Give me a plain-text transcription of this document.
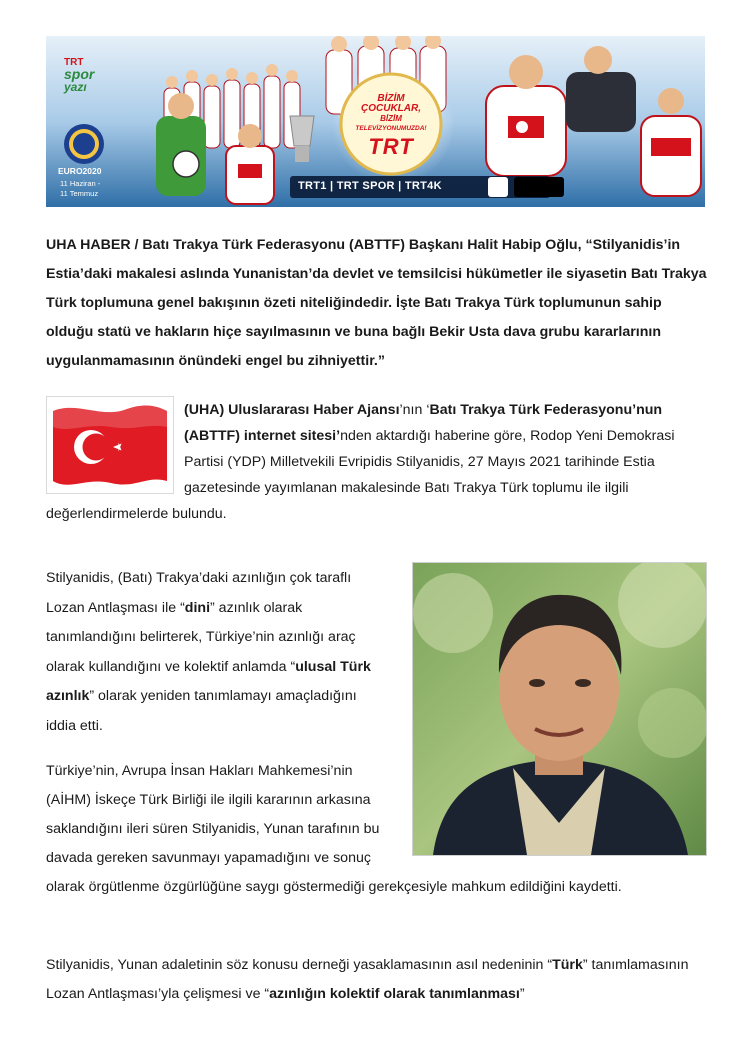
TRT
spor
yazı
EURO2020
11 Haziran -
11 Temmuz
BİZİM
ÇOCUKLAR,
BİZİM
TELEVİZYONUMUZDA!
TRT
TRT1 | TRT SPOR | TRT4K

UHA HABER / Batı Trakya Türk Federasyonu (ABTTF) Başkanı Halit Habip Oğlu, “Stilyanidis’in Estia’daki makalesi aslında Yunanistan’da devlet ve temsilcisi hükümetler ile siyasetin Batı Trakya Türk toplumuna genel bakışının özeti niteliğindedir. İşte Batı Trakya Türk toplumunun sahip olduğu statü ve hakların hiçe sayılmasının ve buna bağlı Bekir Usta dava grubu kararlarının uygulanmamasının önündeki engel bu zihniyettir.”

(UHA) Uluslararası Haber Ajansı’nın ‘Batı Trakya Türk Federasyonu’nun (ABTTF) internet sitesi’nden aktardığı haberine göre, Rodop Yeni Demokrasi Partisi (YDP) Milletvekili Evripidis Stilyanidis, 27 Mayıs 2021 tarihinde Estia gazetesinde yayımlanan makalesinde Batı Trakya Türk toplumu ile ilgili değerlendirmelerde bulundu.

Stilyanidis, (Batı) Trakya’daki azınlığın çok taraflı Lozan Antlaşması ile “dini” azınlık olarak tanımlandığını belirterek, Türkiye’nin azınlığı araç olarak kullandığını ve kolektif anlamda “ulusal Türk azınlık” olarak yeniden tanımlamayı amaçladığını iddia etti.

Türkiye’nin, Avrupa İnsan Hakları Mahkemesi’nin (AİHM) İskeçe Türk Birliği ile ilgili kararının arkasına saklandığını ileri süren Stilyanidis, Yunan tarafının bu davada gereken savunmayı yapamadığını ve sonuç olarak örgütlenme özgürlüğüne saygı göstermediği gerekçesiyle mahkum edildiğini kaydetti.

Stilyanidis, Yunan adaletinin söz konusu derneği yasaklamasının asıl nedeninin “Türk” tanımlamasının Lozan Antlaşması’yla çelişmesi ve “azınlığın kolektif olarak tanımlanması”
